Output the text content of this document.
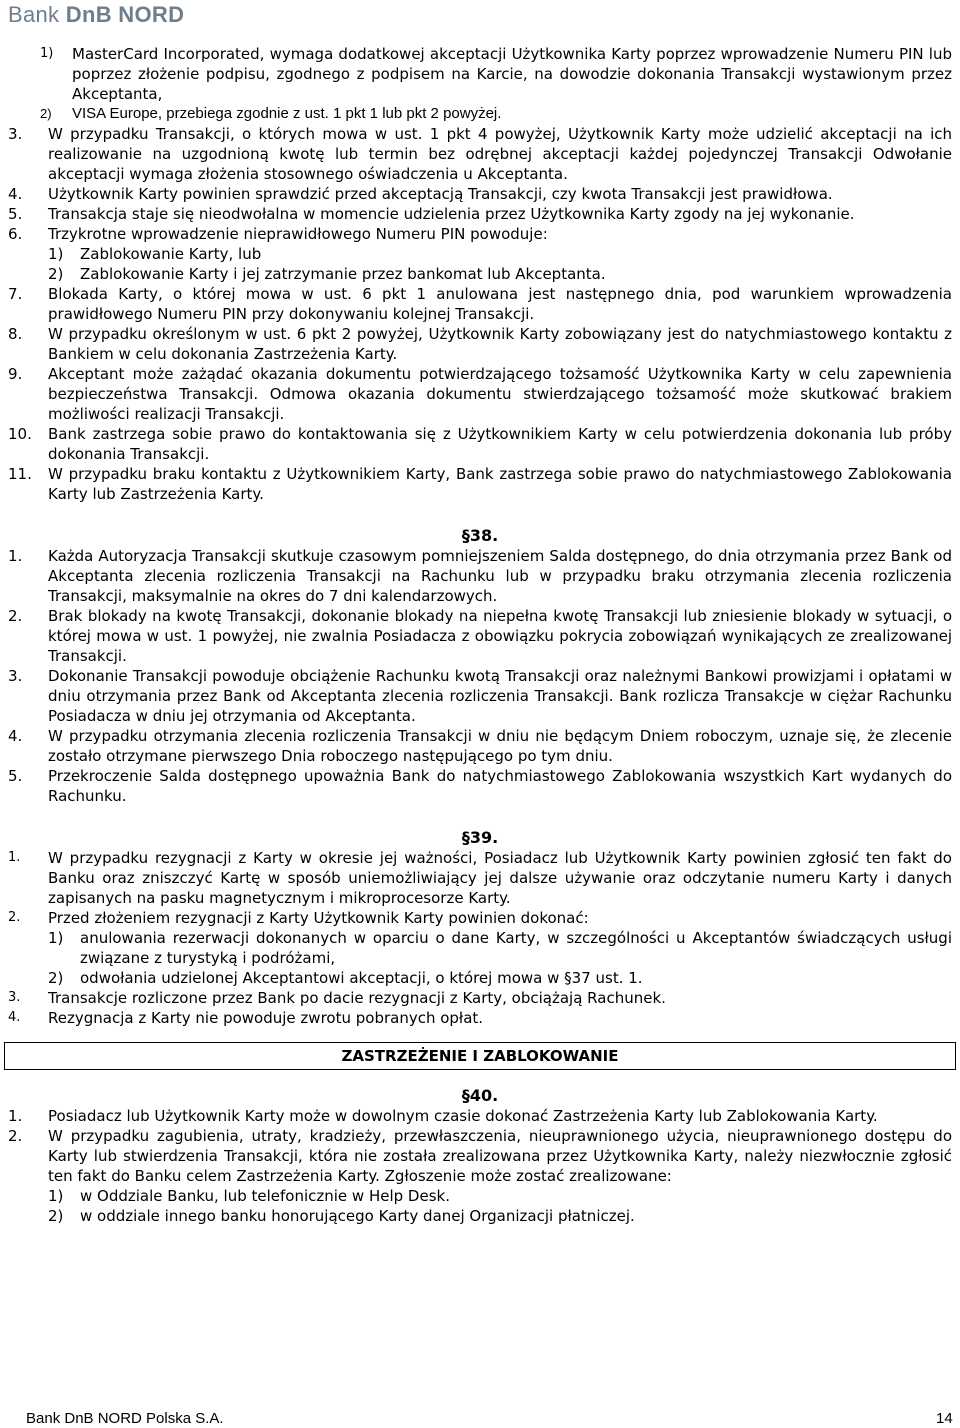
Bank DnB NORD
1)	MasterCard Incorporated, wymaga dodatkowej akceptacji Użytkownika Karty poprzez wprowadzenie Numeru PIN lub poprzez złożenie podpisu, zgodnego z podpisem na Karcie, na dowodzie dokonania Transakcji wystawionym przez Akceptanta,
2)	VISA Europe, przebiega zgodnie z ust. 1 pkt 1 lub pkt 2 powyżej.
3.	W przypadku Transakcji, o których mowa w ust. 1 pkt 4 powyżej, Użytkownik Karty może udzielić akceptacji na ich realizowanie na uzgodnioną kwotę lub termin bez odrębnej akceptacji każdej pojedynczej Transakcji Odwołanie akceptacji wymaga złożenia stosownego oświadczenia u Akceptanta.
4.	Użytkownik Karty powinien sprawdzić przed akceptacją Transakcji, czy kwota Transakcji jest prawidłowa.
5.	Transakcja staje się nieodwołalna w momencie udzielenia przez Użytkownika Karty zgody na jej wykonanie.
6.	Trzykrotne wprowadzenie nieprawidłowego Numeru PIN powoduje:
1)	Zablokowanie Karty, lub
2)	Zablokowanie Karty i jej zatrzymanie przez bankomat lub Akceptanta.
7.	Blokada Karty, o której mowa w ust. 6 pkt 1 anulowana jest następnego dnia, pod warunkiem wprowadzenia prawidłowego Numeru PIN przy dokonywaniu kolejnej Transakcji.
8.	W przypadku określonym w ust. 6 pkt 2 powyżej, Użytkownik Karty zobowiązany jest do natychmiastowego kontaktu z Bankiem w celu dokonania Zastrzeżenia Karty.
9.	Akceptant może zażądać okazania dokumentu potwierdzającego tożsamość Użytkownika Karty w celu zapewnienia bezpieczeństwa Transakcji. Odmowa okazania dokumentu stwierdzającego tożsamość może skutkować brakiem możliwości realizacji Transakcji.
10.	Bank zastrzega sobie prawo do kontaktowania się z Użytkownikiem Karty w celu potwierdzenia dokonania lub próby dokonania Transakcji.
11.	W przypadku braku kontaktu z Użytkownikiem Karty, Bank zastrzega sobie prawo do natychmiastowego Zablokowania Karty lub Zastrzeżenia Karty.
§38.
1.	Każda Autoryzacja Transakcji skutkuje czasowym pomniejszeniem Salda dostępnego, do dnia otrzymania przez Bank od Akceptanta zlecenia rozliczenia Transakcji na Rachunku lub w przypadku braku otrzymania zlecenia rozliczenia Transakcji, maksymalnie na okres do 7 dni kalendarzowych.
2.	Brak blokady na kwotę Transakcji, dokonanie blokady na niepełna kwotę Transakcji lub zniesienie blokady w sytuacji, o której mowa w ust. 1 powyżej, nie zwalnia Posiadacza z obowiązku pokrycia zobowiązań wynikających ze zrealizowanej Transakcji.
3.	Dokonanie Transakcji powoduje obciążenie Rachunku kwotą Transakcji oraz należnymi Bankowi prowizjami i opłatami w dniu otrzymania przez Bank od Akceptanta zlecenia rozliczenia Transakcji. Bank rozlicza Transakcje w ciężar Rachunku Posiadacza w dniu jej otrzymania od Akceptanta.
4.	W przypadku otrzymania zlecenia rozliczenia Transakcji w dniu nie będącym Dniem roboczym, uznaje się, że zlecenie zostało otrzymane pierwszego Dnia roboczego następującego po tym dniu.
5.	Przekroczenie Salda dostępnego upoważnia Bank do natychmiastowego Zablokowania wszystkich Kart wydanych do Rachunku.
§39.
1.	W przypadku rezygnacji z Karty w okresie jej ważności, Posiadacz lub Użytkownik Karty powinien zgłosić ten fakt do Banku oraz zniszczyć Kartę w sposób uniemożliwiający jej dalsze używanie oraz odczytanie numeru Karty i danych zapisanych na pasku magnetycznym i mikroprocesorze Karty.
2.	Przed złożeniem rezygnacji z Karty Użytkownik Karty powinien dokonać:
1)	anulowania rezerwacji dokonanych w oparciu o dane Karty, w szczególności u Akceptantów świadczących usługi związane z turystyką i podróżami,
2)	odwołania udzielonej Akceptantowi akceptacji, o której mowa w §37 ust. 1.
3.	Transakcje rozliczone przez Bank po dacie rezygnacji z Karty, obciążają Rachunek.
4.	Rezygnacja z Karty nie powoduje zwrotu pobranych opłat.
ZASTRZEŻENIE I ZABLOKOWANIE
§40.
1.	Posiadacz lub Użytkownik Karty może w dowolnym czasie dokonać Zastrzeżenia Karty lub Zablokowania Karty.
2.	W przypadku zagubienia, utraty, kradzieży, przewłaszczenia, nieuprawnionego użycia, nieuprawnionego dostępu do Karty lub stwierdzenia Transakcji, która nie została zrealizowana przez Użytkownika Karty, należy niezwłocznie zgłosić ten fakt do Banku celem Zastrzeżenia Karty. Zgłoszenie może zostać zrealizowane:
1)	w Oddziale Banku, lub telefonicznie w Help Desk.
2)	w oddziale innego banku honorującego Karty danej Organizacji płatniczej.
Bank DnB NORD Polska S.A.	14
